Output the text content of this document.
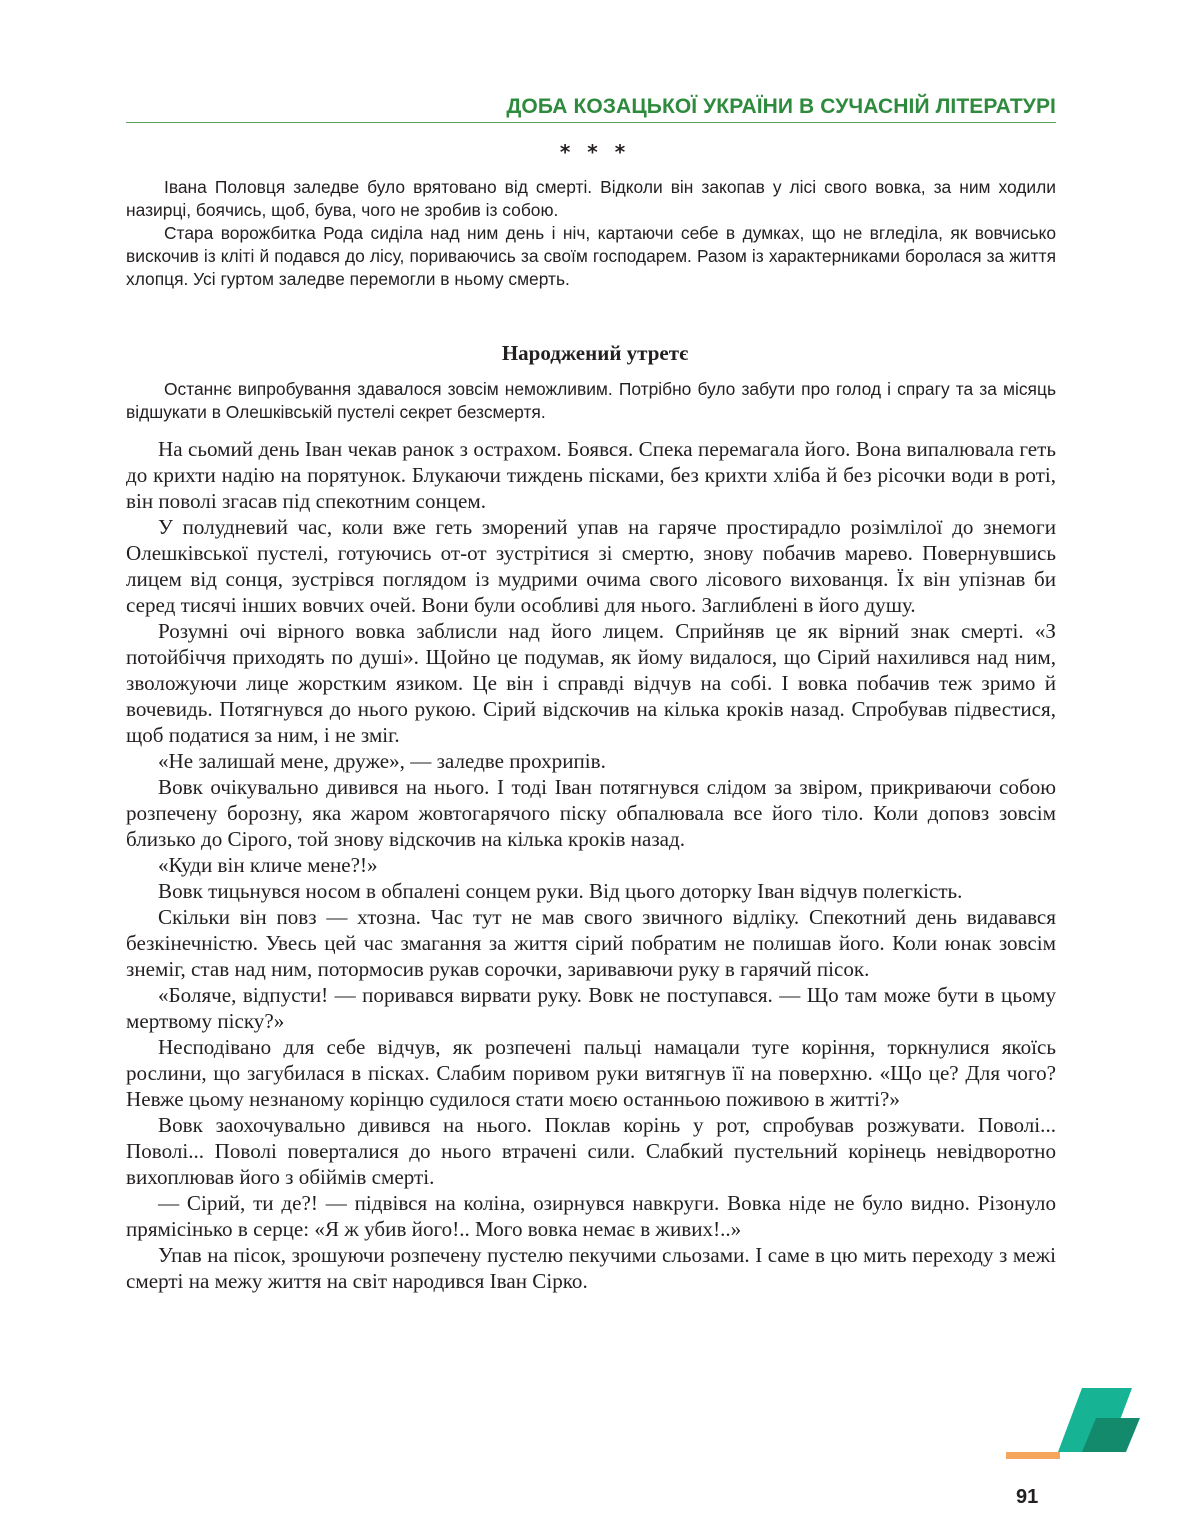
ДОБА КОЗАЦЬКОЇ УКРАЇНИ В СУЧАСНІЙ ЛІТЕРАТУРІ
* * *

Івана Половця заледве було врятовано від смерті. Відколи він закопав у лісі свого вовка, за ним ходили назирці, боячись, щоб, бува, чого не зробив із собою.

Стара ворожбитка Рода сиділа над ним день і ніч, картаючи себе в думках, що не вгледіла, як вовчисько вискочив із кліті й подався до лісу, пориваючись за своїм господарем. Разом із характерниками боролася за життя хлопця. Усі гуртом заледве перемогли в ньому смерть.

Народжений утретє

Останнє випробування здавалося зовсім неможливим. Потрібно було забути про голод і спрагу та за місяць відшукати в Олешківській пустелі секрет безсмертя.

На сьомий день Іван чекав ранок з острахом. Боявся. Спека перемагала його. Вона випалювала геть до крихти надію на порятунок. Блукаючи тиждень пісками, без крихти хліба й без рісочки води в роті, він поволі згасав під спекотним сонцем.

У полудневий час, коли вже геть зморений упав на гаряче простирадло розімлілої до знемоги Олешківської пустелі, готуючись от-от зустрітися зі смертю, знову побачив марево. Повернувшись лицем від сонця, зустрівся поглядом із мудрими очима свого лісового вихованця. Їх він упізнав би серед тисячі інших вовчих очей. Вони були особливі для нього. Заглиблені в його душу.

Розумні очі вірного вовка заблисли над його лицем. Сприйняв це як вірний знак смерті. «З потойбіччя приходять по душі». Щойно це подумав, як йому видалося, що Сірий нахилився над ним, зволожуючи лице жорстким язиком. Це він і справді відчув на собі. І вовка побачив теж зримо й вочевидь. Потягнувся до нього рукою. Сірий відскочив на кілька кроків назад. Спробував підвестися, щоб податися за ним, і не зміг.

«Не залишай мене, друже», — заледве прохрипів.

Вовк очікувально дивився на нього. І тоді Іван потягнувся слідом за звіром, прикриваючи собою розпечену борозну, яка жаром жовтогарячого піску обпалювала все його тіло. Коли доповз зовсім близько до Сірого, той знову відскочив на кілька кроків назад.

«Куди він кличе мене?!»

Вовк тицьнувся носом в обпалені сонцем руки. Від цього доторку Іван відчув полегкість.

Скільки він повз — хтозна. Час тут не мав свого звичного відліку. Спекотний день видавався безкінечністю. Увесь цей час змагання за життя сірий побратим не полишав його. Коли юнак зовсім знеміг, став над ним, потормосив рукав сорочки, заривавючи руку в гарячий пісок.

«Боляче, відпусти! — поривався вирвати руку. Вовк не поступався. — Що там може бути в цьому мертвому піску?»

Несподівано для себе відчув, як розпечені пальці намацали туге коріння, торкнулися якоїсь рослини, що загубилася в пісках. Слабим поривом руки витягнув її на поверхню. «Що це? Для чого? Невже цьому незнаному корінцю судилося стати моєю останньою поживою в житті?»

Вовк заохочувально дивився на нього. Поклав корінь у рот, спробував розжувати. Поволі... Поволі... Поволі поверталися до нього втрачені сили. Слабкий пустельний корінець невідворотно вихоплював його з обіймів смерті.

— Сірий, ти де?! — підвівся на коліна, озирнувся навкруги. Вовка ніде не було видно. Різонуло прямісінько в серце: «Я ж убив його!.. Мого вовка немає в живих!..»

Упав на пісок, зрошуючи розпечену пустелю пекучими сльозами. І саме в цю мить переходу з межі смерті на межу життя на світ народився Іван Сірко.

91
